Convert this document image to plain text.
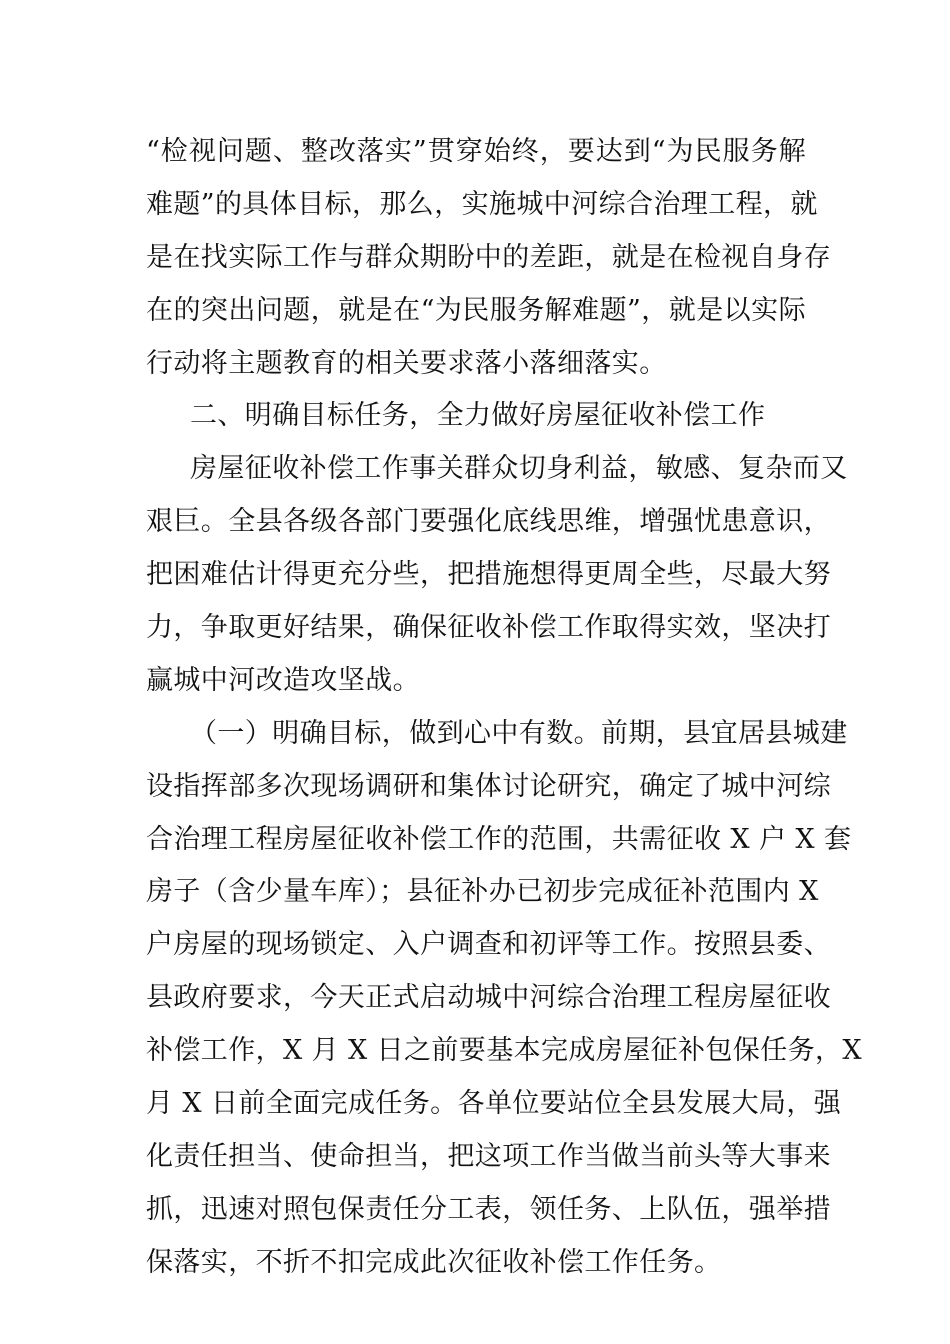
“检视问题、整改落实”贯穿始终，要达到“为民服务解
难题”的具体目标，那么，实施城中河综合治理工程，就
是在找实际工作与群众期盼中的差距，就是在检视自身存
在的突出问题，就是在“为民服务解难题”，就是以实际
行动将主题教育的相关要求落小落细落实。
二、明确目标任务，全力做好房屋征收补偿工作
房屋征收补偿工作事关群众切身利益，敏感、复杂而又
艰巨。全县各级各部门要强化底线思维，增强忧患意识，
把困难估计得更充分些，把措施想得更周全些，尽最大努
力，争取更好结果，确保征收补偿工作取得实效，坚决打
赢城中河改造攻坚战。
（一）明确目标，做到心中有数。前期，县宜居县城建
设指挥部多次现场调研和集体讨论研究，确定了城中河综
合治理工程房屋征收补偿工作的范围，共需征收 X 户 X 套
房子（含少量车库）；县征补办已初步完成征补范围内 X
户房屋的现场锁定、入户调查和初评等工作。按照县委、
县政府要求，今天正式启动城中河综合治理工程房屋征收
补偿工作，X 月 X 日之前要基本完成房屋征补包保任务，X
月 X 日前全面完成任务。各单位要站位全县发展大局，强
化责任担当、使命担当，把这项工作当做当前头等大事来
抓，迅速对照包保责任分工表，领任务、上队伍，强举措
保落实，不折不扣完成此次征收补偿工作任务。
